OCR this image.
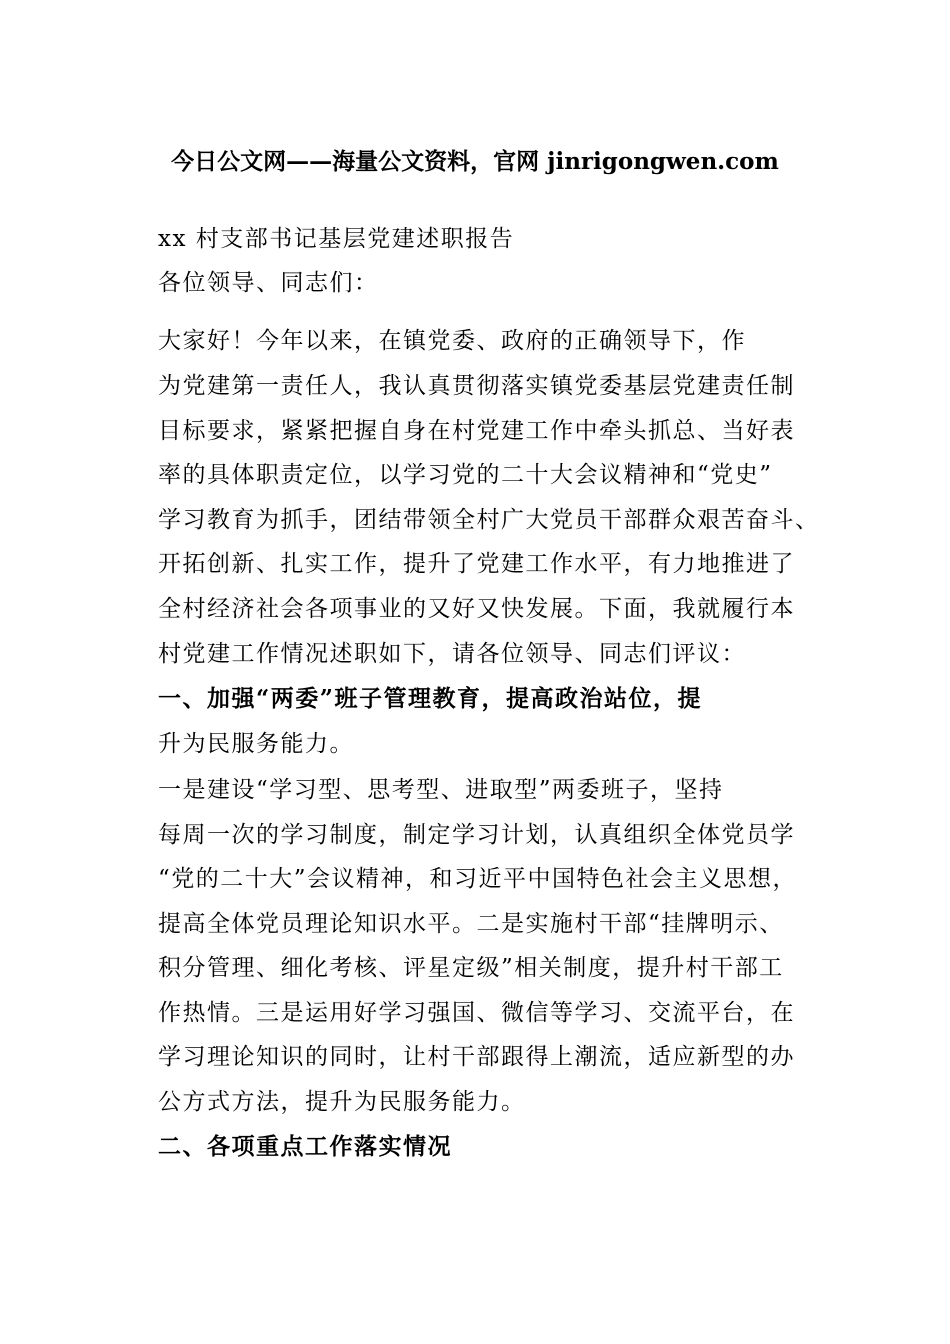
今日公文网——海量公文资料，官网 jinrigongwen.com
xx 村支部书记基层党建述职报告
各位领导、同志们：
大家好！今年以来，在镇党委、政府的正确领导下，作
为党建第一责任人，我认真贯彻落实镇党委基层党建责任制
目标要求，紧紧把握自身在村党建工作中牵头抓总、当好表
率的具体职责定位，以学习党的二十大会议精神和“党史”
学习教育为抓手，团结带领全村广大党员干部群众艰苦奋斗、
开拓创新、扎实工作，提升了党建工作水平，有力地推进了
全村经济社会各项事业的又好又快发展。下面，我就履行本
村党建工作情况述职如下，请各位领导、同志们评议：
一、加强“两委”班子管理教育，提高政治站位，提
升为民服务能力。
一是建设“学习型、思考型、进取型”两委班子，坚持
每周一次的学习制度，制定学习计划，认真组织全体党员学
“党的二十大”会议精神，和习近平中国特色社会主义思想，
提高全体党员理论知识水平。二是实施村干部“挂牌明示、
积分管理、细化考核、评星定级”相关制度，提升村干部工
作热情。三是运用好学习强国、微信等学习、交流平台，在
学习理论知识的同时，让村干部跟得上潮流，适应新型的办
公方式方法，提升为民服务能力。
二、各项重点工作落实情况
